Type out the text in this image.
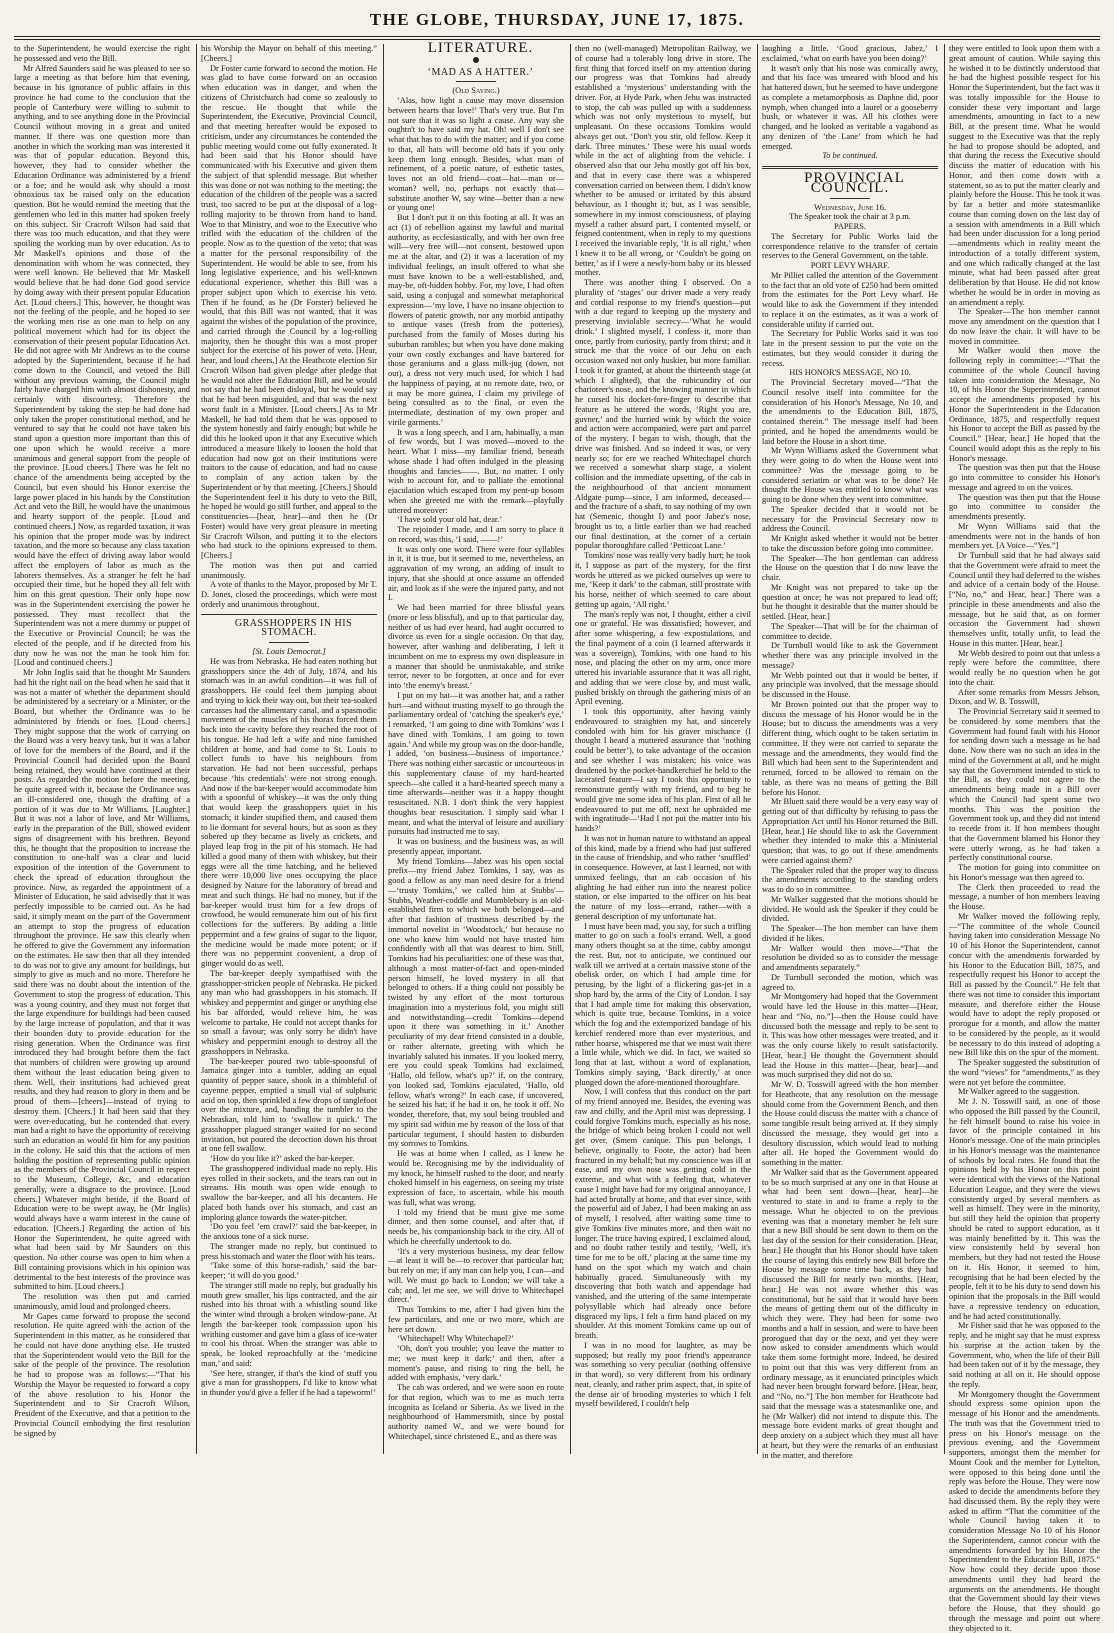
THE GLOBE, THURSDAY, JUNE 17, 1875.

to the Superintendent, he would exercise the right he possessed and veto the Bill.

Mr Alfred Saunders said he was pleased to see so large a meeting as that before him that evening, because in his ignorance of public affairs in this province he had come to the conclusion that the people of Canterbury were willing to submit to anything, and to see anything done in the Provincial Council without moving in a great and united manner. If there was one question more than another in which the working man was interested it was that of popular education. Beyond this, however, they had to consider whether the Education Ordinance was administered by a friend or a foe; and he would ask why should a most obnoxious tax be raised only on the education question. But he would remind the meeting that the gentlemen who led in this matter had spoken freely on this subject. Sir Cracroft Wilson had said that there was too much education, and that they were spoiling the working man by over education. As to Mr Maskell's opinions and those of the denomination with whom he was connected, they were well known. He believed that Mr Maskell would believe that he had done God good service by doing away with their present popular Education Act. [Loud cheers.] This, however, he thought was not the feeling of the people, and he hoped to see the working men rise as one man to help on any political movement which had for its object the conservation of their present popular Education Act. He did not agree with Mr Andrews as to the course adopted by the Superintendent, because if he had come down to the Council, and vetoed the Bill without any previous warning, the Council might fairly have charged him with almost dishonesty, and certainly with discourtesy. Therefore the Superintendent by taking the step he had done had only taken the proper constitutional method, and he ventured to say that he could not have taken his stand upon a question more important than this of one upon which he would receive a more unanimous and general support from the people of the province. [Loud cheers.] There was he felt no chance of the amendments being accepted by the Council, but even should his Honor exercise the large power placed in his hands by the Constitution Act and veto the Bill, he would have the unanimous and hearty support of the people. [Loud and continued cheers.] Now, as regarded taxation, it was his opinion that the proper mode was by indirect taxation, and the more so because any class taxation would have the effect of driving away labor would affect the employers of labor as much as the laborers themselves. As a stranger he felt he had occupied their time, but he hoped they all felt with him on this great question. Their only hope now was in the Superintendent exercising the power he possessed. They must recollect that the Superintendent was not a mere dummy or puppet of the Executive or Provincial Council; he was the elected of the people, and if he directed from his duty now he was not the man he took him for. [Loud and continued cheers.]

Mr John Inglis said that he thought Mr Saunders had hit the right nail on the head when he said that it was not a matter of whether the department should be administered by a secretary or a Minister, or the Board, but whether the Ordinance was to be administered by friends or foes. [Loud cheers.] They might suppose that the work of carrying on the Board was a very heavy task, but it was a labor of love for the members of the Board, and if the Provincial Council had decided upon the Board being retained, they would have continued at their posts. As regarded the motion before the meeting, he quite agreed with it, because the Ordinance was an ill-considered one, though the drafting of a portion of it was due to Mr Williams. [Laughter.] But it was not a labor of love, and Mr Williams, early in the preparation of the Bill, showed evident signs of disagreement with his brethren. Beyond this, he thought that the proposition to increase the constitution to one-half was a clear and lucid exposition of the intention of the Government to check the spread of education throughout the province. Now, as regarded the appointment of a Minister of Education, he said advisedly that it was perfectly impossible to be carried out. As he had said, it simply meant on the part of the Government an attempt to stop the progress of education throughout the province. He saw this clearly when he offered to give the Government any information on the estimates. He saw then that all they intended to do was not to give any amount for buildings, but simply to give as much and no more. Therefore he said there was no doubt about the intention of the Government to stop the progress of education. This was a young country, and they must not forget that the large expenditure for buildings had been caused by the large increase of population, and that it was their bounden duty to provide education for the rising generation. When the Ordinance was first introduced they had brought before them the fact that numbers of children were growing up around them without the least education being given to them. Well, their institutions had achieved great results, and they had reason to glory in them and be proud of them—[cheers]—instead of trying to destroy them. [Cheers.] It had been said that they were over-educating, but he contended that every man had a right to have the opportunity of receiving such an education as would fit him for any position in the colony. He said this that the actions of men holding the position of representing public opinion as the members of the Provincial Council in respect to the Museum, College, &c, and education generally, were a disgrace to the province. [Loud cheers.] Whatever might betide, if the Board of Education were to be swept away, he (Mr Inglis) would always have a warm interest in the cause of education. [Cheers.] Regarding the action of his Honor the Superintendent, he quite agreed with what had been said by Mr Saunders on this question. No other course was open to him when a Bill containing provisions which in his opinion was detrimental to the best interests of the province was submitted to him. [Loud cheers.]

The resolution was then put and carried unanimously, amid loud and prolonged cheers.

Mr Gapes came forward to propose the second resolution. He quite agreed with the action of the Superintendent in this matter, as he considered that he could not have done anything else. He trusted that the Superintendent would veto the Bill for the sake of the people of the province. The resolution he had to propose was as follows:—“That his Worship the Mayor be requested to forward a copy of the above resolution to his Honor the Superintendent and to Sir Cracroft Wilson, President of the Executive, and that a petition to the Provincial Council embodying the first resolution be signed by

his Worship the Mayor on behalf of this meeting.” [Cheers.]

Dr Foster came forward to second the motion. He was glad to have come forward on an occasion when education was in danger, and when the citizens of Christchurch had come so zealously to the rescue. He thought that while the Superintendent, the Executive, Provincial Council, and that meeting hereafter would be exposed to criticism, under any circumstances he contended the public meeting would come out fully exonerated. It had been said that his Honor should have communicated with his Executive and given them the subject of that splendid message. But whether this was done or not was nothing to the meeting; the education of the children of the people was a sacred trust, too sacred to be put at the disposal of a log-rolling majority to be thrown from hand to hand. Woe to that Ministry, and woe to the Executive who trifled with the education of the children of the people. Now as to the question of the veto; that was a matter for the personal responsibility of the Superintendent. He would be able to see, from his long legislative experience, and his well-known educational experience, whether this Bill was a proper subject upon which to exercise his veto. Then if he found, as he (Dr Forster) believed he would, that this Bill was not wanted, that it was against the wishes of the population of the province, and carried through the Council by a log-rolling majority, then he thought this was a most proper subject for the exercise of his power of veto. [Hear, hear, and loud cheers.] At the Heathcote election Sir Cracroft Wilson had given pledge after pledge that he would not alter the Education Bill, and he would not say that he had been disloyal, but he would say that he had been misguided, and that was the next worst fault in a Minister. [Loud cheers.] As to Mr Maskell, he had told them that he was opposed to the system honestly and fairly enough; but while he did this he looked upon it that any Executive which introduced a measure likely to loosen the hold that education had now got on their institutions were traitors to the cause of education, and had no cause to complain of any action taken by the Superintendent or by that meeting. [Cheers.] Should the Superintendent feel it his duty to veto the Bill, he hoped he would go still further, and appeal to the constituencies—[hear, hear]—and then he (Dr Foster) would have very great pleasure in meeting Sir Cracroft Wilson, and putting it to the electors who had stuck to the opinions expressed to them. [Cheers.]

The motion was then put and carried unanimously.

A vote of thanks to the Mayor, proposed by Mr T. D. Jones, closed the proceedings, which were most orderly and unanimous throughout.

GRASSHOPPERS IN HIS STOMACH.

[St. Louis Democrat.]

He was from Nebraska. He had eaten nothing but grasshoppers since the 4th of July, 1874, and his stomach was in an awful condition—it was full of grasshoppers. He could feel them jumping about and trying to kick their way out, but their tea-soaked carcasses had the alimentary canal, and a spasmodic movement of the muscles of his thorax forced them back into the cavity before they reached the root of his tongue. He had left a wife and nine famished children at home, and had come to St. Louis to collect funds to have his neighbours from starvation. He had not been successful, perhaps because ‘his credentials’ were not strong enough. And now if the bar-keeper would accommodate him with a spoonful of whiskey—it was the only thing that would keep the grasshoppers quiet in his stomach; it kinder stupified them, and caused them to lie dormant for several hours, but as soon as they sobered up they became as lively as crickets, and played leap frog in the pit of his stomach. He had killed a good many of them with whiskey, but their eggs were all the time hatching, and he believed there were 10,000 live ones occupying the place designed by Nature for the laboratory of bread and meat and such things. He had no money, but if the bar-keeper would trust him for a few drops of crowfood, he would remunerate him out of his first collections for the sufferers. By adding a little peppermint and a few grains of sugar to the liquor, the medicine would be made more potent; or if there was no peppermint convenient, a drop of ginger would do as well.

The bar-keeper deeply sympathised with the grasshopper-stricken people of Nebraska. He picked any man who had grasshoppers in his stomach. If whiskey and peppermint and ginger or anything else his bar afforded, would relieve him, he was welcome to partake. He could not accept thanks for so small a favour; was only sorry he didn't have whiskey and peppermint enough to destroy all the grasshoppers in Nebraska.

The bar-keeper poured two table-spoonsful of Jamaica ginger into a tumbler, adding an equal quantity of pepper sauce, shook in a thimbleful of cayenne pepper, emptied a small vial of sulphuric acid on top, then sprinkled a few drops of tanglefoot over the mixture, and, handing the tumbler to the Nebraskan, told him to ‘swallow it quick.’ The grasshopper plagued stranger waited for no second invitation, but poured the decoction down his throat at one fell swallow.

‘How do you like it?’ asked the bar-keeper.

The grasshoppered individual made no reply. His eyes rolled in their sockets, and the tears ran out in streams. His mouth was open wide enough to swallow the bar-keeper, and all his decanters. He placed both hands over his stomach, and cast an imploring glance towards the water-pitcher.

‘Do you feel ’em crawl?’ said the bar-keeper, in the anxious tone of a sick nurse.

The stranger made no reply, but continued to press his stomach and water the floor with his tears.

‘Take some of this horse-radish,’ said the bar-keeper; ‘it will do you good.’

The stranger still made no reply, but gradually his mouth grew smaller, his lips contracted, and the air rushed into his throat with a whistling sound like the winter wind through a broken window-pane. At length the bar-keeper took compassion upon his writhing customer and gave him a glass of ice-water to cool his throat. When the stranger was able to speak, he looked reproachfully at the ‘medicine man,’ and said:

‘See here, stranger, if that's the kind of stuff you give a man for grasshoppers, I'd like to know what in thunder you'd give a feller if he had a tapeworm!’

LITERATURE.

‘MAD AS A HATTER.’

(Old Saying.)

‘Alas, how light a cause may move dissension between hearts that love!’ That's very true. But I'm not sure that it was so light a cause. Any way she oughtn't to have said my hat. Oh! well I don't see what that has to do with the matter; and if you come to that, all hats will become old hats if you only keep them long enough. Besides, what man of refinement, of a poetic nature, of esthetic tastes, loves not an old friend—coat—hat—man or—woman? well, no, perhaps not exactly that—substitute another W, say wine—better than a new or young one!

But I don't put it on this footing at all. It was an act (1) of rebellion against my lawful and marital authority, as ecclesiastically, and with her own free will—very free will—not consent, bestowed upon me at the altar, and (2) it was a laceration of my individual feelings, an insult offered to what she must have known to be a well-established, and, may-be, oft-hidden hobby. For, my love, I had often said, using a conjugal and somewhat metaphorical expression—‘my love, I have no insane objection to flowers of patetic growth, nor any morbid antipathy to antique vases (fresh from the potteries), purchased from the family of Moses during his suburban rambles; but when you have done making your own costly exchanges and have bartered for those geraniums and a glass milk-jug (down, not out), a dress not very much used, for which I had the happiness of paying, at no remote date, two, or it may be more guinea, I claim my privilege of being consulted as to the final, or even the intermediate, destination of my own proper and virile garments.’

It was a long speech, and I am, habitually, a man of few words, but I was moved—moved to the heart. What I miss—my familiar friend, beneath whose shade I had often indulged in the pleasing thoughts and fancies——. But, no matter. I only wish to account for, and to palliate the emotional ejaculation which escaped from my pent-up bosom when she greeted me with the remark—playfully uttered moreover:

‘I have sold your old hat, dear.’

The rejoinder I made, and I am sorry to place it on record, was this, ‘I said, ——!’

It was only one word. There were four syllables in it, it is true, but it seemed to me, nevertheless, an aggravation of my wrong, an adding of insult to injury, that she should at once assume an offended air, and look as if she were the injured party, and not I.

We had been married for three blissful years (more or less blissful), and up to that particular day, neither of us had ever heard, had aught occurred to divorce us even for a single occasion. On that day, however, after washing and deliberating, I left it incumbent on me to express my own displeasure in a manner that should be unmistakable, and strike terror, never to be forgotten, at once and for ever into ‘the enemy's breast.’

I put on my hat—it was another hat, and a rather hurt—and without trusting myself to go through the parliamentary ordeal of ‘catching the speaker's eye,’ I remarked, ‘I am going to dine with Tomkins’ was I have dined with Tomkins, I am going to town again.’ And while my group was on the door-handle, I added, ‘on business—business of importance.’ There was nothing either sarcastic or uncourteous in this supplementary clause of my hard-hearted speech—she called it a hard-hearted speech many a time afterwards—neither was it a happy thought resuscitated. N.B. I don't think the very happiest thoughts bear resuscitation. I simply said what I meant, and what the interval of leisure and auxiliary pursuits had instructed me to say.

It was on business, and the business was, as will presently appear, important.

My friend Tomkins—Jabez was his open social prefix—my friend Jabez Tomkins, I say, was as good a fellow as any man need desire for a friend—‘trusty Tomkins,’ we called him at Stubbs'—Stubbs, Weather-coddle and Mumblebury is an old-established firm to which we both belonged—and after that fashion of trustiness described by the immortal novelist in ‘Woodstock,’ but because no one who knew him would not have trusted him confidently with all that was dearest to him. Still, Tomkins had his peculiarities: one of these was that, although a most matter-of-fact and open-minded person himself, he loved mystery in all that belonged to others. If a thing could not possibly be twisted by any effort of the most torturous imagination into a mysterious fold, you might still and notwithstanding—credit Tomkins—depend upon it there was something in it.’ Another peculiarity of my dear friend consisted in a double, or rather alternate, greeting with which he invariably saluted his inmates. If you looked merry, ere you could speak Tomkins had exclaimed, ‘Hallo, old fellow, what's up?’ if, on the contrary, you looked sad, Tomkins ejaculated, ‘Hallo, old fellow, what's wrong?’ In each case, if uncovered, he seized his hat; if he had it on, he took it off. No wonder, therefore, that, my soul being troubled and my spirit sad within me by reason of the loss of that particular tegument, I should hasten to disburden my sorrows to Tomkins.

He was at home when I called, as I knew he would be. Recognising me by the individuality of my knock, he himself rushed to the door, and nearly choked himself in his eagerness, on seeing my triste expression of face, to ascertain, while his mouth was full, what was wrong.

I told my friend that he must give me some dinner, and then some counsel, and after that, if needs be, his companionship back to the city. All of which he cheerfully undertook to do.

‘It's a very mysterious business, my dear fellow—at least it will be—to recover that particular hat; but rely on me; if any man can help you, I can—and will. We must go back to London; we will take a cab; and, let me see, we will drive to Whitechapel direct.’

Thus Tomkins to me, after I had given him the few particulars, and one or two more, which are here set down.

‘Whitechapel! Why Whitechapel?’

‘Oh, don't you trouble; you leave the matter to me; we must keep it dark;’ and then, after a moment's pause, and rising to ring the bell, he added with emphasis, ‘very dark.’

The cab was ordered, and we were soon en route for that region, which was to me as much terra incognita as Iceland or Siberia. As we lived in the neighbourhood of Hammersmith, since by postal authority named W., and we were bound for Whitechapel, since christened E., and as there was

then no (well-managed) Metropolitan Railway, we of course had a tolerably long drive in store. The first thing that forced itself on my attention during our progress was that Tomkins had already established a ‘mysterious’ understanding with the driver. For, at Hyde Park, when Jehu was instructed to stop, the cab was pulled up with a suddenness which was not only mysterious to myself, but unpleasant. On these occasions Tomkins would always get out. ‘Don't you stir, old fellow. Keep it dark. Three minutes.’ These were his usual words while in the act of alighting from the vehicle. I observed also that our Jehu mostly got off his box, and that in every case there was a whispered conversation carried on between them. I didn't know whether to be amused or irritated by this absurd behaviour, as I thought it; but, as I was sensible, somewhere in my inmost consciousness, of playing myself a rather absurd part, I contented myself, or feigned contentment, when in reply to my questions I received the invariable reply, ‘It is all right,’ when I knew it to be all wrong, or ‘Couldn't be going on better,’ as if I were a newly-born baby or its blessed mother.

There was another thing I observed. On a plurality of ‘stages’ our driver made a very ready and cordial response to my friend's question—put with a due regard to keeping up the mystery and preserving inviolable secrecy—‘What he would drink.’ I slighted myself, I confess it, more than once, partly from curiosity, partly from thirst; and it struck me that the voice of our Jehu on each occasion waxed not only huskier, but more familiar. I took it for granted, at about the thirteenth stage (at which I alighted), that the rubicundity of our charioteer's nose, and the knowing manner in which he cursed his docket-fore-finger to describe that feature as he uttered the words, ‘Right you are, guvner,’ and the hurried wink by which the voice and action were accompanied, were part and parcel of the mystery. I began to wish, though, that the drive was finished. And so indeed it was, or very nearly so; for ere we reached Whitechapel church we received a somewhat sharp stage, a violent collision and the immediate upsetting, of the cab in the neighbourhood of that ancient monument Aldgate pump—since, I am informed, deceased—and the fracture of a shaft, to say nothing of my own hat (Semenic, thought I) and poor Jabez's nose, brought us to, a little earlier than we had reached our final destination, at the corner of a certain popular thoroughfare called ‘Petticoat Lane.’

Tomkins' nose was really very badly hurt; he took it, I suppose as part of the mystery, for the first words he uttered as we picked ourselves up were to me, ‘Keep it dark’ to the cabman, still prostrate with his horse, neither of which seemed to care about getting up again, ‘All right.’

The man's reply was not, I thought, either a civil one or grateful. He was dissatisfied; however, and after some whispering, a few expostulations, and the final payment of a coin (I learned afterwards it was a sovereign), Tomkins, with one hand to his nose, and placing the other on my arm, once more uttered his invariable assurance that it was all right, and adding that we were close by, and must walk, pushed briskly on through the gathering mists of an April evening.

I took this opportunity, after having vainly endeavoured to straighten my hat, and sincerely condoled with him for his graver mischance (I thought I heard a muttered assurance that ‘nothing could be better’), to take advantage of the occasion and see whether I was mistaken; his voice was deadened by the pocket-handkerchief he held to the lacerated feature—I say I took this opportunity to remonstrate gently with my friend, and to beg he would give me some idea of his plan. First of all he endeavoured to put me off, next he upbraided me with ingratitude—‘Had I not put the matter into his hands?’

It was not in human nature to withstand an appeal of this kind, made by a friend who had just suffered in the cause of friendship, and who rather ‘snuffled’ in consequence. However, at last I learned, not with unmixed feelings, that an cab occasion of his alighting he had either run into the nearest police station, or else imparted to the officer on his beat the nature of my loss—errand, rather—with a general description of my unfortunate hat.

I must have been mad, you say, for such a trifling matter to go on such a fool's errand. Well, a good many others thought so at the time, cabby amongst the rest. But, not to anticipate, we continued our walk till we arrived at a certain massive stone of the obelisk order, on which I had ample time for perusing, by the light of a flickering gas-jet in a shop hard by, the arms of the City of London. I say that I had ample time for making this observation, which is quite true, because Tomkins, in a voice which the fog and the extemporized bandage of his kerchief rendered more than ever mysterious, and rather hoarse, whispered me that we must wait there a little while, which we did. In fact, we waited so long that at last, without a word of explanation, Tomkins simply saying, ‘Back directly,’ at once plunged down the afore-mentioned thoroughfare.

Now, I will confess that this conduct on the part of my friend annoyed me. Besides, the evening was raw and chilly, and the April mist was depressing. I could forgive Tomkins much, especially as his nose, the bridge of which being broken I could not well get over, (Smem canique. This pun belongs, I believe, originally to Foote, the actor) had been fractured in my behalf; but my conscience was ill at ease, and my own nose was getting cold in the extreme, and what with a feeling that, whatever cause I might have had for my original annoyance, I had acted brutally at home, and that ever since, with the powerful aid of Jabez, I had been making an ass of myself, I resolved, after waiting some time to give Tomkins five minutes more, and then wait no longer. The truce having expired, I exclaimed aloud, and no doubt rather testily and testily, ‘Well, it's time for me to be off,’ placing at the same time my hand on the spot which my watch and chain habitually graced. Simultaneously with my discovering that both watch and appendage had vanished, and the uttering of the same intemperate polysyllable which had already once before disgraced my lips, I felt a firm hand placed on my shoulder. At this moment Tomkins came up out of breath.

I was in no mood for laughter, as may be supposed; but really my poor friend's appearance was something so very peculiar (nothing offensive in that word), so very different from his ordinary neat, cleanly, and rather prim aspect, that, in spite of the dense air of brooding mysteries to which I felt myself bewildered, I couldn't help

laughing a little. ‘Good gracious, Jabez,’ I exclaimed, ‘what on earth have you been doing?’

It wasn't only that his nose was comically awry, and that his face was smeared with blood and his hat battered down, but he seemed to have undergone as complete a metamorphosis as Daphne did, poor nymph, when changed into a laurel or a gooseberry bush, or whatever it was. All his clothes were changed, and he looked as veritable a vagabond as any denizen of ‘the Lane’ from which he had emerged.

To be continued.

PROVINCIAL COUNCIL.

Wednesday, June 16.

The Speaker took the chair at 3 p.m.

PAPERS.

The Secretary for Public Works laid the correspondence relative to the transfer of certain reserves to the General Government, on the table.

PORT LEVY WHARF.

Mr Pilliet called the attention of the Government to the fact that an old vote of £250 had been omitted from the estimates for the Port Levy wharf. He would like to ask the Government if they intended to replace it on the estimates, as it was a work of considerable utility if carried out.

The Secretary for Public Works said it was too late in the present session to put the vote on the estimates, but they would consider it during the recess.

HIS HONOR'S MESSAGE, NO 10.

The Provincial Secretary moved—“That the Council resolve itself into committee for the consideration of his Honor's Message, No 10, and the amendments to the Education Bill, 1875, contained therein.” The message itself had been printed, and he hoped the amendments would be laid before the House in a short time.

Mr Wynn Williams asked the Government what they were going to do when the House went into committee? Was the message going to be considered seriatim or what was to be done? He thought the House was entitled to know what was going to be done when they went into committee.

The Speaker decided that it would not be necessary for the Provincial Secretary now to address the Council.

Mr Knight asked whether it would not be better to take the discussion before going into committee.

The Speaker—The hon gentleman can address the House on the question that I do now leave the chair.

Mr Knight was not prepared to take up the question at once; he was not prepared to lead off; but he thought it desirable that the matter should be settled. [Hear, hear.]

The Speaker—That will be for the chairman of committee to decide.

Dr Turnbull would like to ask the Government whether there was any principle involved in the message?

Mr Webb pointed out that it would be better, if any principle was involved, that the message should be discussed in the House.

Mr Brown pointed out that the proper way to discuss the message of his Honor would be in the House; but to discuss the amendments was a very different thing, which ought to be taken seriatim in committee. If they were not carried to separate the message and the amendments, they would find the Bill which had been sent to the Superintendent and returned, forced to be allowed to remain on the table, as there was no means of getting the Bill before his Honor.

Mr Bluett said there would be a very easy way of getting out of that difficulty by refusing to pass the Appropriation Act until his Honor returned the Bill. [Hear, hear.] He should like to ask the Government whether they intended to make this a Ministerial question; that was, to go out if these amendments were carried against them?

The Speaker ruled that the proper way to discuss the amendments according to the standing orders was to do so in committee.

Mr Walker suggested that the motions should be divided. He would ask the Speaker if they could be divided.

The Speaker—The hon member can have them divided if he likes.

Mr Walker would then move—“That the resolution be divided so as to consider the message and amendments separately.”

Dr Turnbull seconded the motion, which was agreed to.

Mr Montgomery had hoped that the Government would have led the House in this matter—[Hear, hear and “No, no.”]—then the House could have discussed both the message and reply to be sent to it. This was how other messages were treated, and it was the only course likely to result satisfactorily. [Hear, hear.] He thought the Government should lead the House in this matter—[hear, hear]—and was much surprised they did not do so.

Mr W. D. Tosswill agreed with the hon member for Heathcote, that any resolution on the message should come from the Government Bench, and then the House could discuss the matter with a chance of some tangible result being arrived at. If they simply discussed the message, they would get into a desultory discussion, which would lead to nothing after all. He hoped the Government would do something in the matter.

Mr Walker said that as the Government appeared to be so much surprised at any one in that House at what had been sent down—[hear, hear]—he ventured to state in and to frame a reply to the message. What he objected to on the previous evening was that a monetary member he felt sure that a new Bill should be sent down to them on the last day of the session for their consideration. [Hear, hear.] He thought that his Honor should have taken the course of laying this entirely new Bill before the House by message some time back, as they had discussed the Bill for nearly two months. [Hear, hear.] He was not aware whether this was constitutional, but he said that it would have been the means of getting them out of the difficulty in which they were. They had been for some two months and a half in session, and were to have been prorogued that day or the next, and yet they were now asked to consider amendments which would take them some fortnight more. Indeed, he desired to point out that this was very different from an ordinary message, as it enunciated principles which had never been brought forward before. [Hear, hear, and “No, no.”] The hon member for Heathcote had said that the message was a statesmanlike one, and he (Mr Walker) did not intend to dispute this. The message bore evident marks of great thought and deep anxiety on a subject which they must all have at heart, but they were the remarks of an enthusiast in the matter, and therefore

they were entitled to look upon them with a great amount of caution. While saying this he wished it to be distinctly understood that he had the highest possible respect for his Honor the Superintendent, but the fact was it was totally impossible for the House to consider these very important and large amendments, amounting in fact to a new Bill, at the present time. What he would suggest to the Executive was that the reply he had to propose should be adopted, and that during the recess the Executive should discuss the matter of education with his Honor, and then come down with a statement, so as to put the matter clearly and plainly before the House. This he took it was by far a better and more statesmanlike course than coming down on the last day of a session with amendments in a Bill which had been under discussion for a long period—amendments which in reality meant the introduction of a totally different system, and one which radically changed at the last minute, what had been passed after great deliberation by that House. He did not know whether he would be in order in moving as an amendment a reply.

The Speaker—The hon member cannot move any amendment on the question that I do now leave the chair. It will have to be moved in committee.

Mr Walker would then move the following reply in committee:—“That the committee of the whole Council having taken into consideration the Message, No 10, of his Honor the Superintendent, cannot accept the amendments proposed by his Honor the Superintendent in the Education Ordinance, 1875, and respectfully request his Honor to accept the Bill as passed by the Council.” [Hear, hear.] He hoped that the Council would adopt this as the reply to his Honor's message.

The question was then put that the House go into committee to consider his Honor's message and agreed to on the voices.

The question was then put that the House go into committee to consider the amendments presently.

Mr Wynn Williams said that the amendments were not in the hands of hon members yet. [A Voice—“Yes.”]

Dr Turnbull said that he had always said that the Government were afraid to meet the Council until they had deferred to the wishes and advice of a certain body of the House. [“No, no,” and Hear, hear.] There was a principle in these amendments and also the message, but he said that, as on former occasion the Government had shown themselves unfit, totally unfit, to lead the House in this matter. [Hear, hear.]

Mr Webb desired to point out that unless a reply were before the committee, there would really be no question when he got into the chair.

After some remarks from Messrs Jebson, Dixon, and W. B. Tosswill,

The Provincial Secretary said it seemed to be considered by some members that the Government had found fault with his Honor for sending down such a message as he had done. Now there was no such an idea in the mind of the Government at all, and he might say that the Government intended to stick to the Bill, as they could not agree to the amendments being made in a Bill over which the Council had spent some two months. This was the position the Government took up, and they did not intend to recede from it. If hon members thought that the Government blamed his Honor they were utterly wrong, as he had taken a perfectly constitutional course.

The motion for going into committee on his Honor's message was then agreed to.

The Clerk then proceeded to read the message, a number of hon members leaving the House.

Mr Walker moved the following reply,—“The committee of the whole Council having taken into consideration Message No 10 of his Honor the Superintendent, cannot concur with the amendments forwarded by his Honor to the Education Bill, 1875, and respectfully request his Honor to accept the Bill as passed by the Council.” He felt that there was not time to consider this important measure, and therefore either the House would have to adopt the reply proposed or prorogue for a month, and allow the matter to be considered by the people, as it would be necessary to do this instead of adopting a new Bill like this on the spur of the moment.

The Speaker suggested the substitution of the word “views” for “amendments,” as they were not yet before the committee.

Mr Walker agreed to the suggestion.

Mr J. N. Tosswill said, as one of those who opposed the Bill passed by the Council, he felt himself bound to raise his voice in favor of the principle contained in his Honor's message. One of the main principles in his Honor's message was the maintenance of schools by local rates. He found that the opinions held by his Honor on this point were identical with the views of the National Education League, and they were the views consistently urged by several members as well as himself. They were in the minority, but still they held the opinion that property should be rated to support education, as it was mainly benefitted by it. This was the view consistently held by several hon members, but they had not tested the House on it. His Honor, it seemed to him, recognising that he had been elected by the people, felt it to be his duty to send down his opinion that the proposals in the Bill would have a repressive tendency on education, and he had acted constitutionally.

Mr Fisher said that he was opposed to the reply, and he might say that he must express his surprise at the action taken by the Government, who, when the life of their Bill had been taken out of it by the message, they said nothing at all on it. He should oppose the reply.

Mr Montgomery thought the Government should express some opinion upon the message of his Honor and the amendments. The truth was that the Government tried to press on his Honor's message on the previous evening, and the Government supporters, amongst them the member for Mount Cook and the member for Lyttelton, were opposed to this being done until the reply was before the House. They were now asked to decide the amendments before they had discussed them. By the reply they were asked to affirm “That the committee of the whole Council having taken it to consideration Message No 10 of his Honor the Superintendent, cannot concur with the amendments forwarded by his Honor the Superintendent to the Education Bill, 1875.” Now how could they decide upon those amendments until they had heard the arguments on the amendments. He thought that the Government should lay their views before the House, that they should go through the message and point out where they objected to it.
